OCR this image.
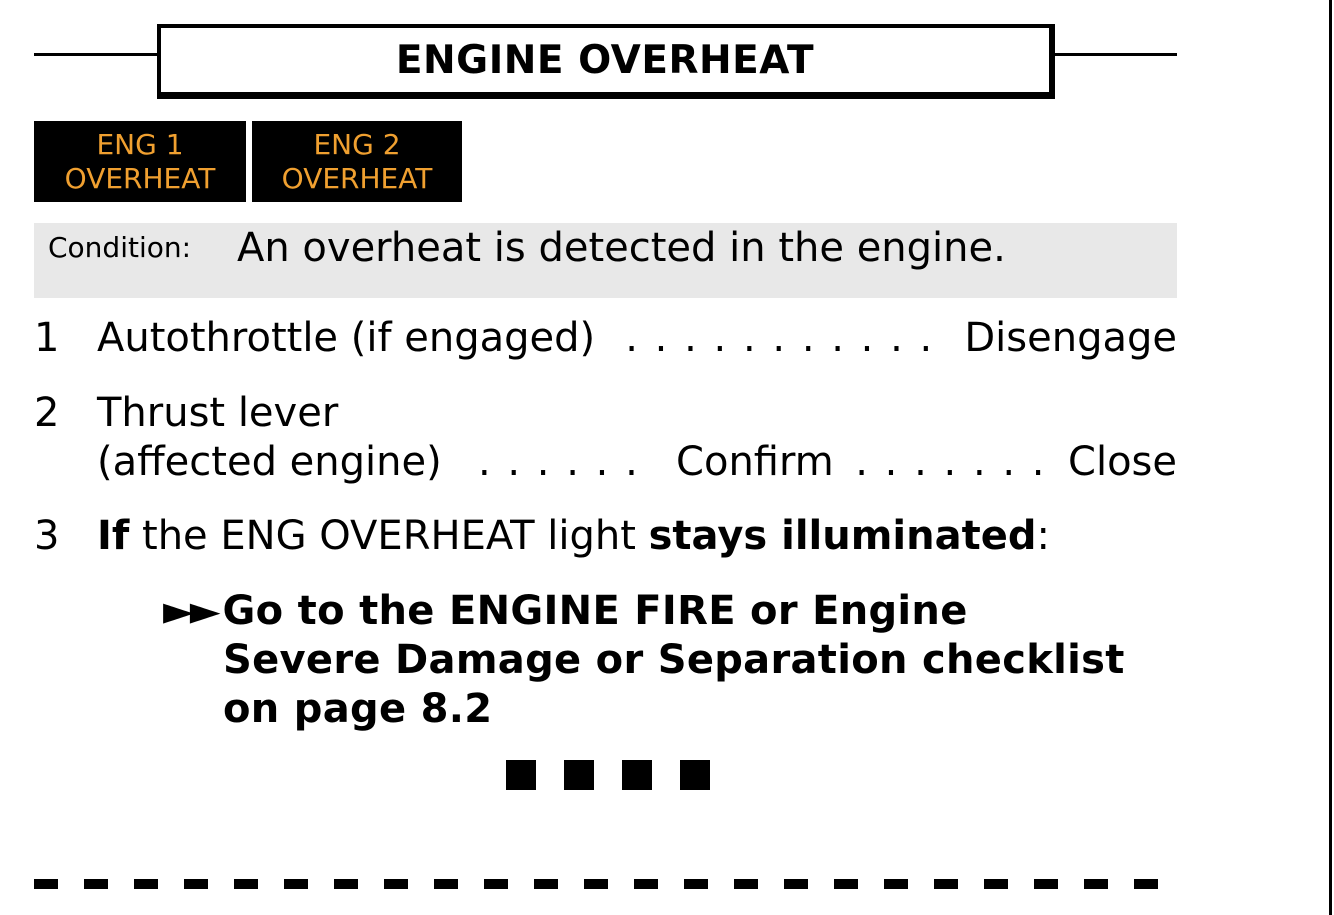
ENGINE OVERHEAT
ENG 1
OVERHEAT
ENG 2
OVERHEAT
Condition: An overheat is detected in the engine.
1 Autothrottle (if engaged) . . . . . . . . . . . Disengage
2 Thrust lever
(affected engine) . . . . . . Confirm . . . . . . . Close
3 If the ENG OVERHEAT light stays illuminated:
►► Go to the ENGINE FIRE or Engine
Severe Damage or Separation checklist
on page 8.2
